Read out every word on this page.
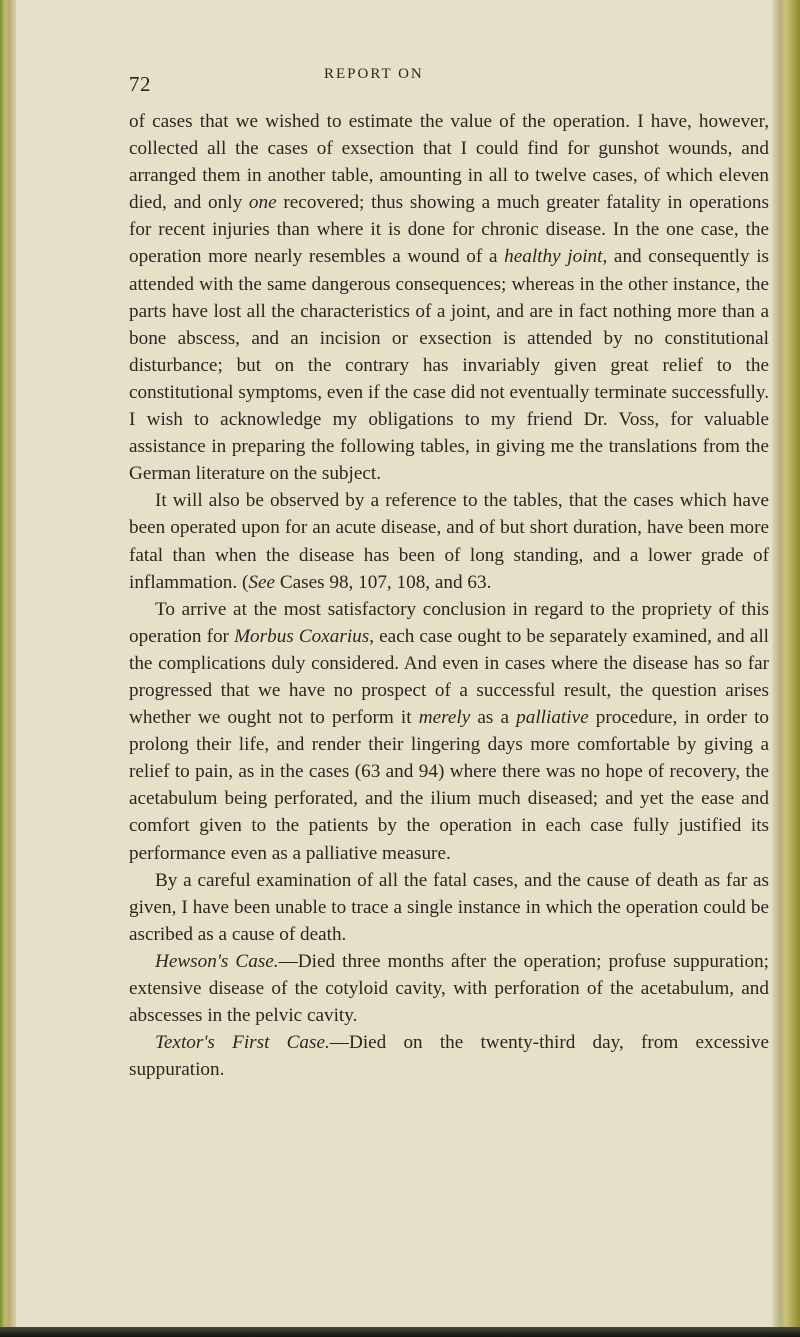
72	REPORT ON

of cases that we wished to estimate the value of the operation. I have, however, collected all the cases of exsection that I could find for gunshot wounds, and arranged them in another table, amounting in all to twelve cases, of which eleven died, and only one recovered; thus showing a much greater fatality in operations for recent injuries than where it is done for chronic disease. In the one case, the operation more nearly resembles a wound of a healthy joint, and consequently is attended with the same dangerous consequences; whereas in the other instance, the parts have lost all the characteristics of a joint, and are in fact nothing more than a bone abscess, and an incision or exsection is attended by no constitutional disturbance; but on the contrary has invariably given great relief to the constitutional symptoms, even if the case did not eventually terminate successfully. I wish to acknowledge my obligations to my friend Dr. Voss, for valuable assistance in preparing the following tables, in giving me the translations from the German literature on the subject.

It will also be observed by a reference to the tables, that the cases which have been operated upon for an acute disease, and of but short duration, have been more fatal than when the disease has been of long standing, and a lower grade of inflammation. (See Cases 98, 107, 108, and 63.

To arrive at the most satisfactory conclusion in regard to the propriety of this operation for Morbus Coxarius, each case ought to be separately examined, and all the complications duly considered. And even in cases where the disease has so far progressed that we have no prospect of a successful result, the question arises whether we ought not to perform it merely as a palliative procedure, in order to prolong their life, and render their lingering days more comfortable by giving a relief to pain, as in the cases (63 and 94) where there was no hope of recovery, the acetabulum being perforated, and the ilium much diseased; and yet the ease and comfort given to the patients by the operation in each case fully justified its performance even as a palliative measure.

By a careful examination of all the fatal cases, and the cause of death as far as given, I have been unable to trace a single instance in which the operation could be ascribed as a cause of death.

Hewson's Case.—Died three months after the operation; profuse suppuration; extensive disease of the cotyloid cavity, with perforation of the acetabulum, and abscesses in the pelvic cavity.

Textor's First Case.—Died on the twenty-third day, from excessive suppuration.
